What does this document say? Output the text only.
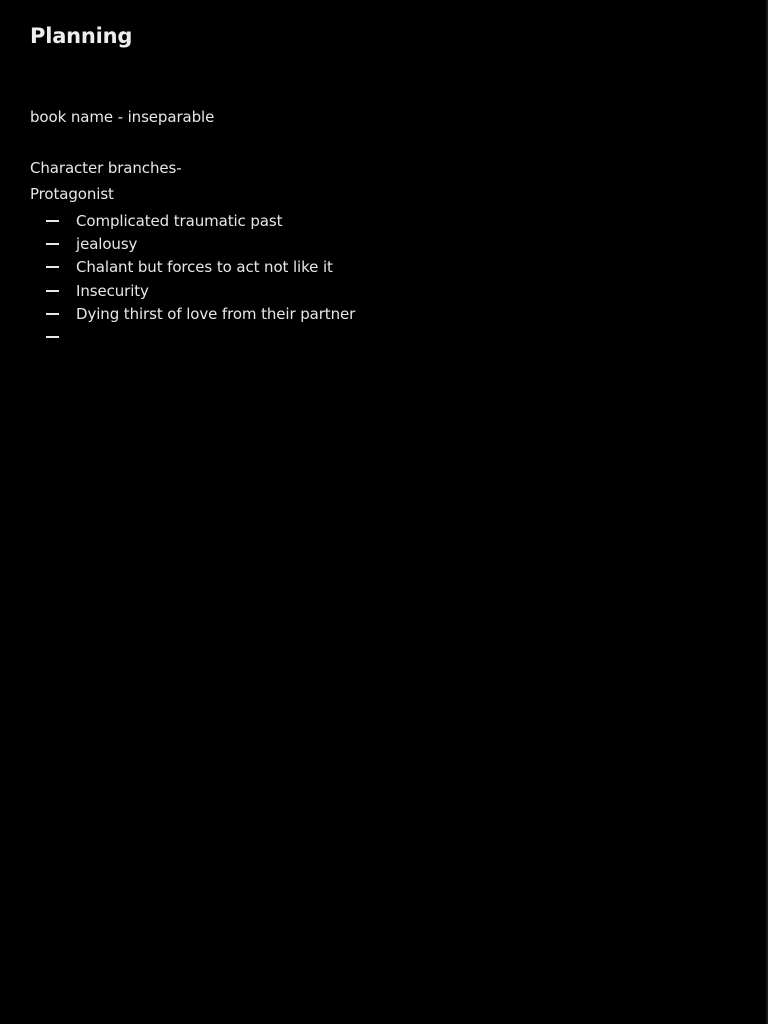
Planning
book name - inseparable
Character branches-
Protagonist
Complicated traumatic past
jealousy
Chalant but forces to act not like it
Insecurity
Dying thirst of love from their partner
